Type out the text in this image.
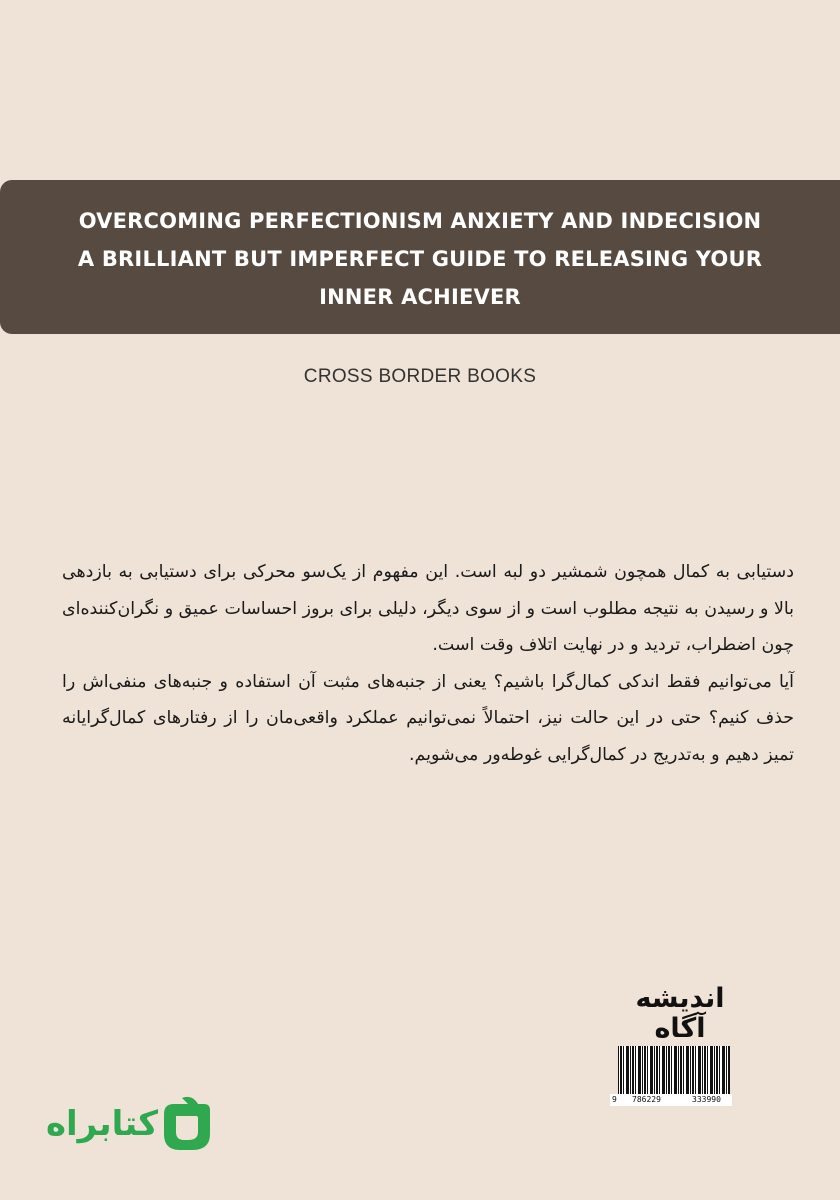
OVERCOMING PERFECTIONISM ANXIETY AND INDECISION
A BRILLIANT BUT IMPERFECT GUIDE TO RELEASING YOUR
INNER ACHIEVER
CROSS BORDER BOOKS

دستیابی به کمال همچون شمشیر دو لبه است. این مفهوم از یک‌سو محرکی برای دستیابی به بازدهی بالا و رسیدن به نتیجه مطلوب است و از سوی دیگر، دلیلی برای بروز احساسات عمیق و نگران‌کننده‌ای چون اضطراب، تردید و در نهایت اتلاف وقت است.

آیا می‌توانیم فقط اندکی کمال‌گرا باشیم؟ یعنی از جنبه‌های مثبت آن استفاده و جنبه‌های منفی‌اش را حذف کنیم؟ حتی در این حالت نیز، احتمالاً نمی‌توانیم عملکرد واقعی‌مان را از رفتارهای کمال‌گرایانه تمیز دهیم و به‌تدریج در کمال‌گرایی غوطه‌ور می‌شویم.

اندیشه
آگاه
9 786229	333990
کتابراه
